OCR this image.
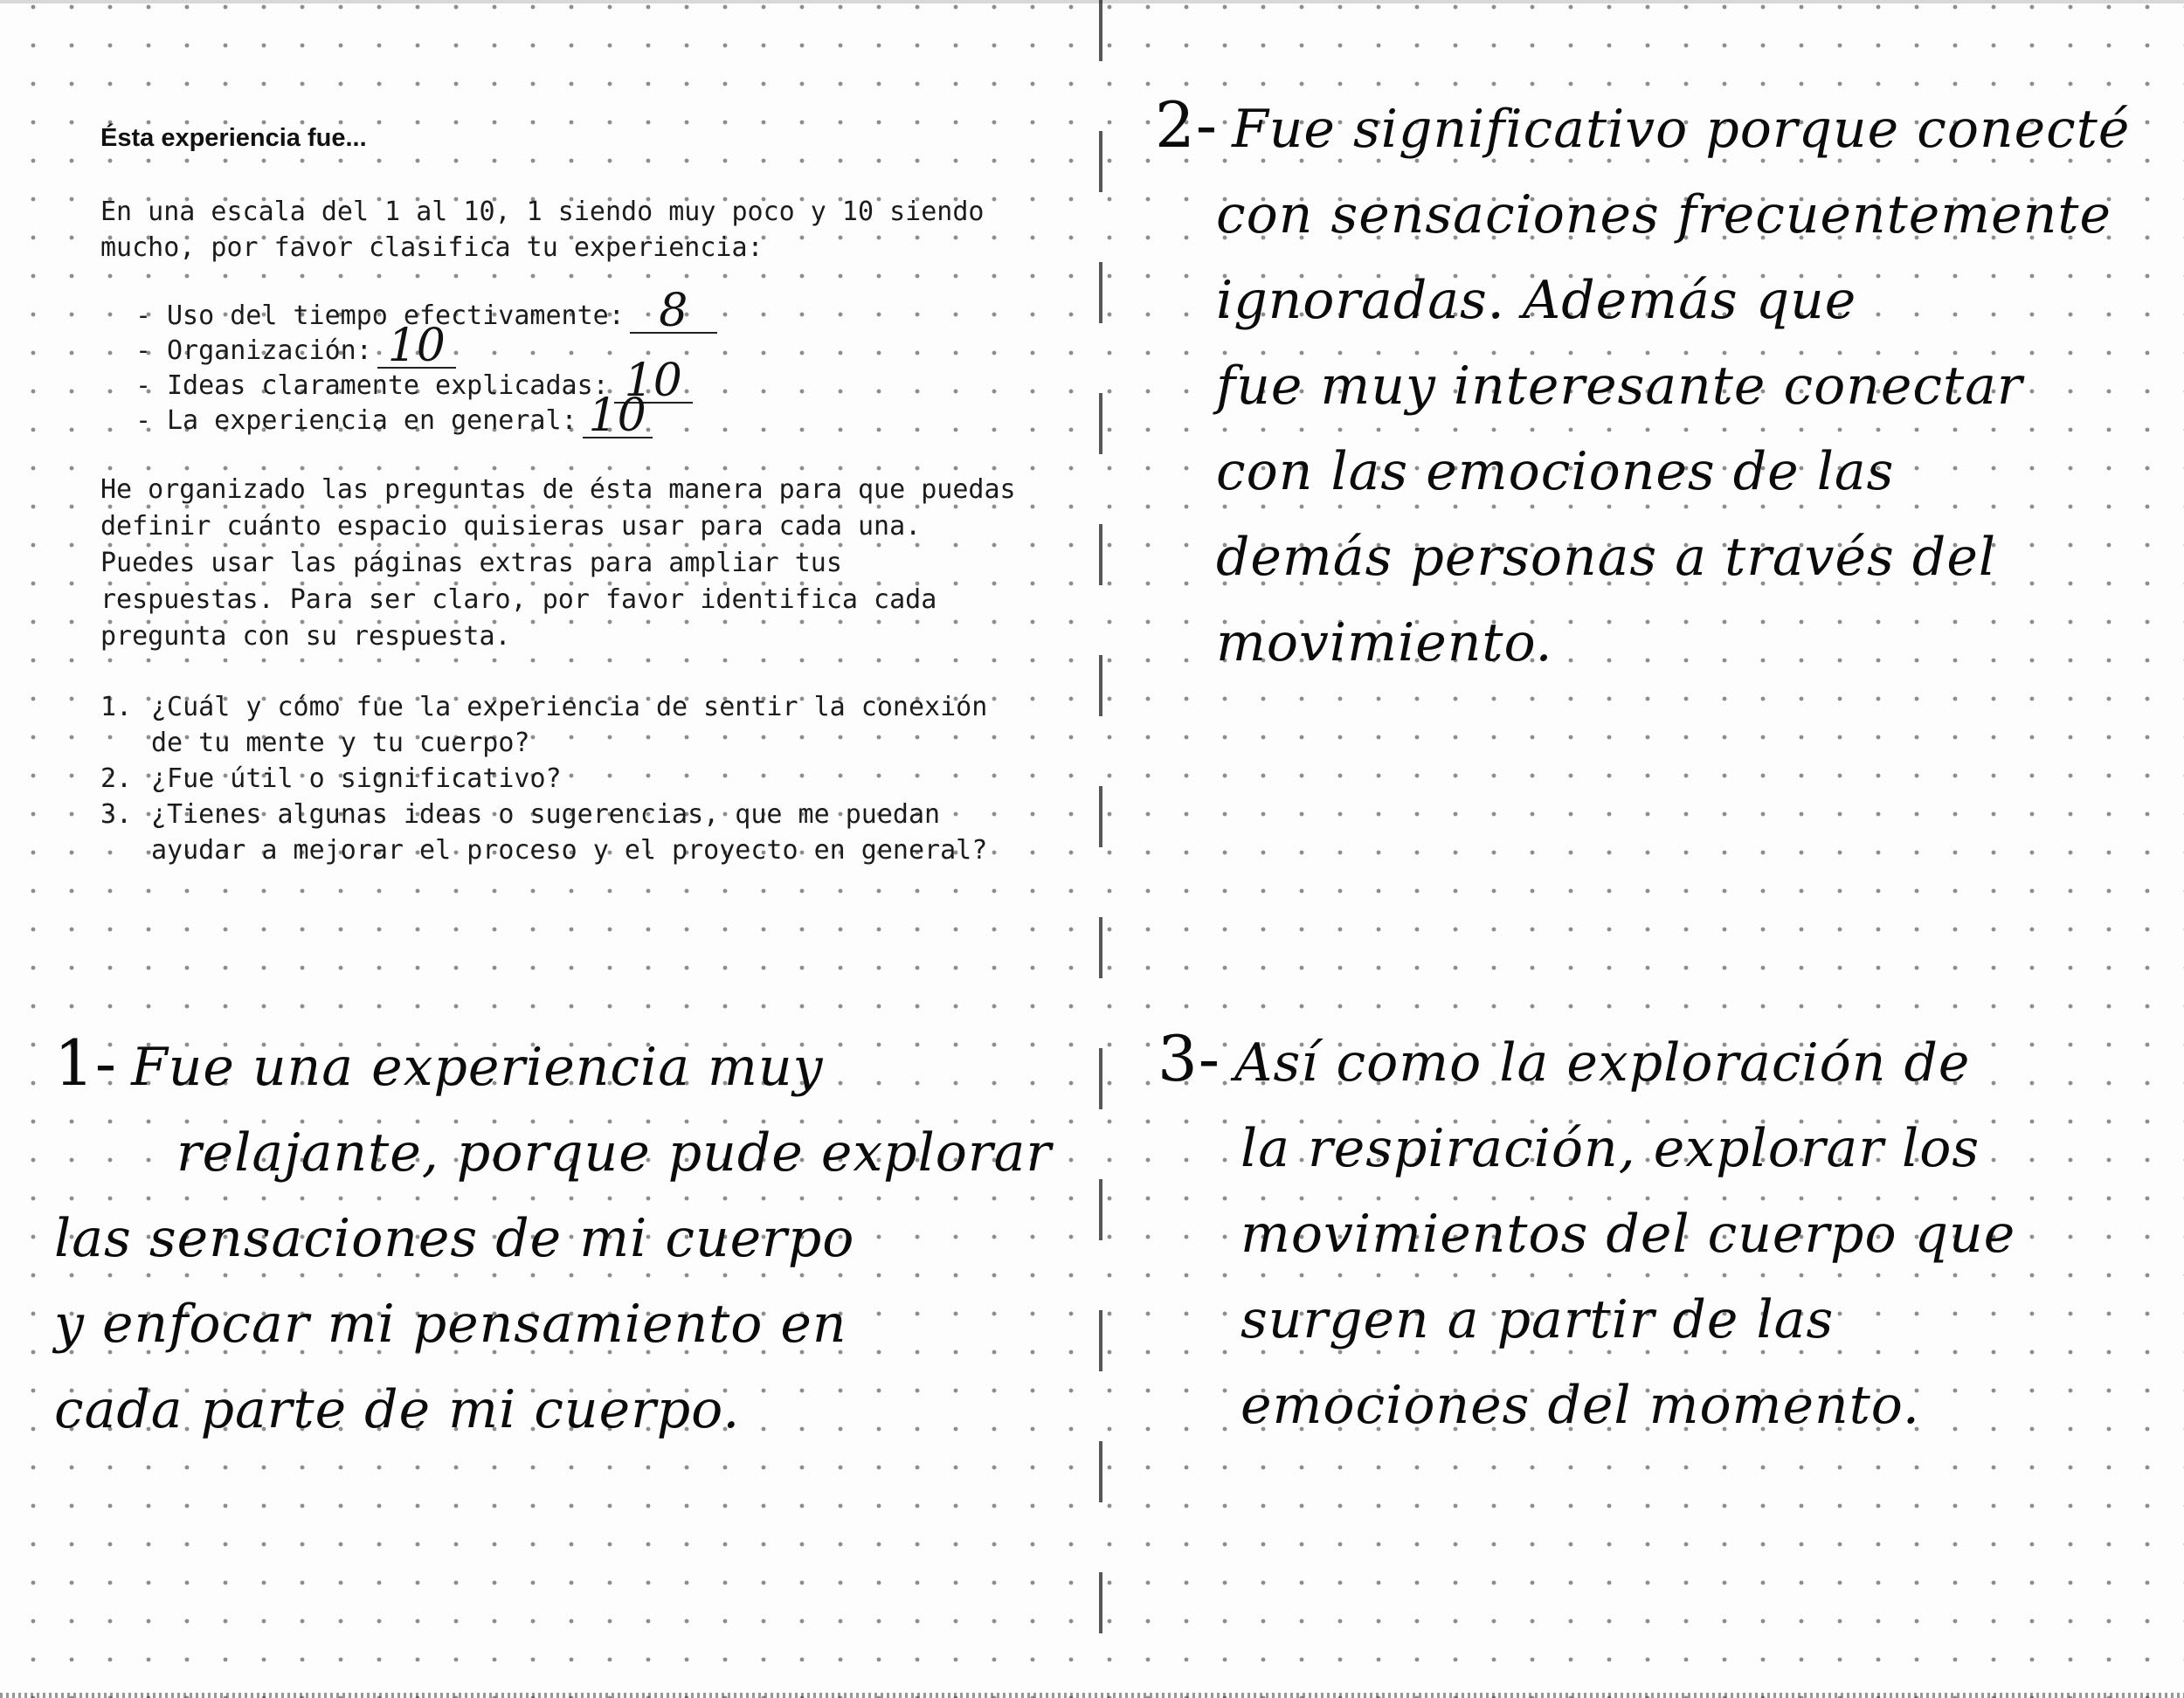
Ésta experiencia fue...

En una escala del 1 al 10, 1 siendo muy poco y 10 siendo mucho, por favor clasifica tu experiencia:

- Uso del tiempo efectivamente: 8
- Organización: 10
- Ideas claramente explicadas: 10
- La experiencia en general: 10

He organizado las preguntas de ésta manera para que puedas definir cuánto espacio quisieras usar para cada una. Puedes usar las páginas extras para ampliar tus respuestas. Para ser claro, por favor identifica cada pregunta con su respuesta.

1. ¿Cuál y cómo fue la experiencia de sentir la conexión de tu mente y tu cuerpo?
2. ¿Fue útil o significativo?
3. ¿Tienes algunas ideas o sugerencias, que me puedan ayudar a mejorar el proceso y el proyecto en general?
1- Fue una experiencia muy
relajante, porque pude explorar
las sensaciones de mi cuerpo
y enfocar mi pensamiento en
cada parte de mi cuerpo.
2- Fue significativo porque conecté
con sensaciones frecuentemente
ignoradas. Además que
fue muy interesante conectar
con las emociones de las
demás personas a través del
movimiento.
3- Así como la exploración de
la respiración, explorar los
movimientos del cuerpo que
surgen a partir de las
emociones del momento.
